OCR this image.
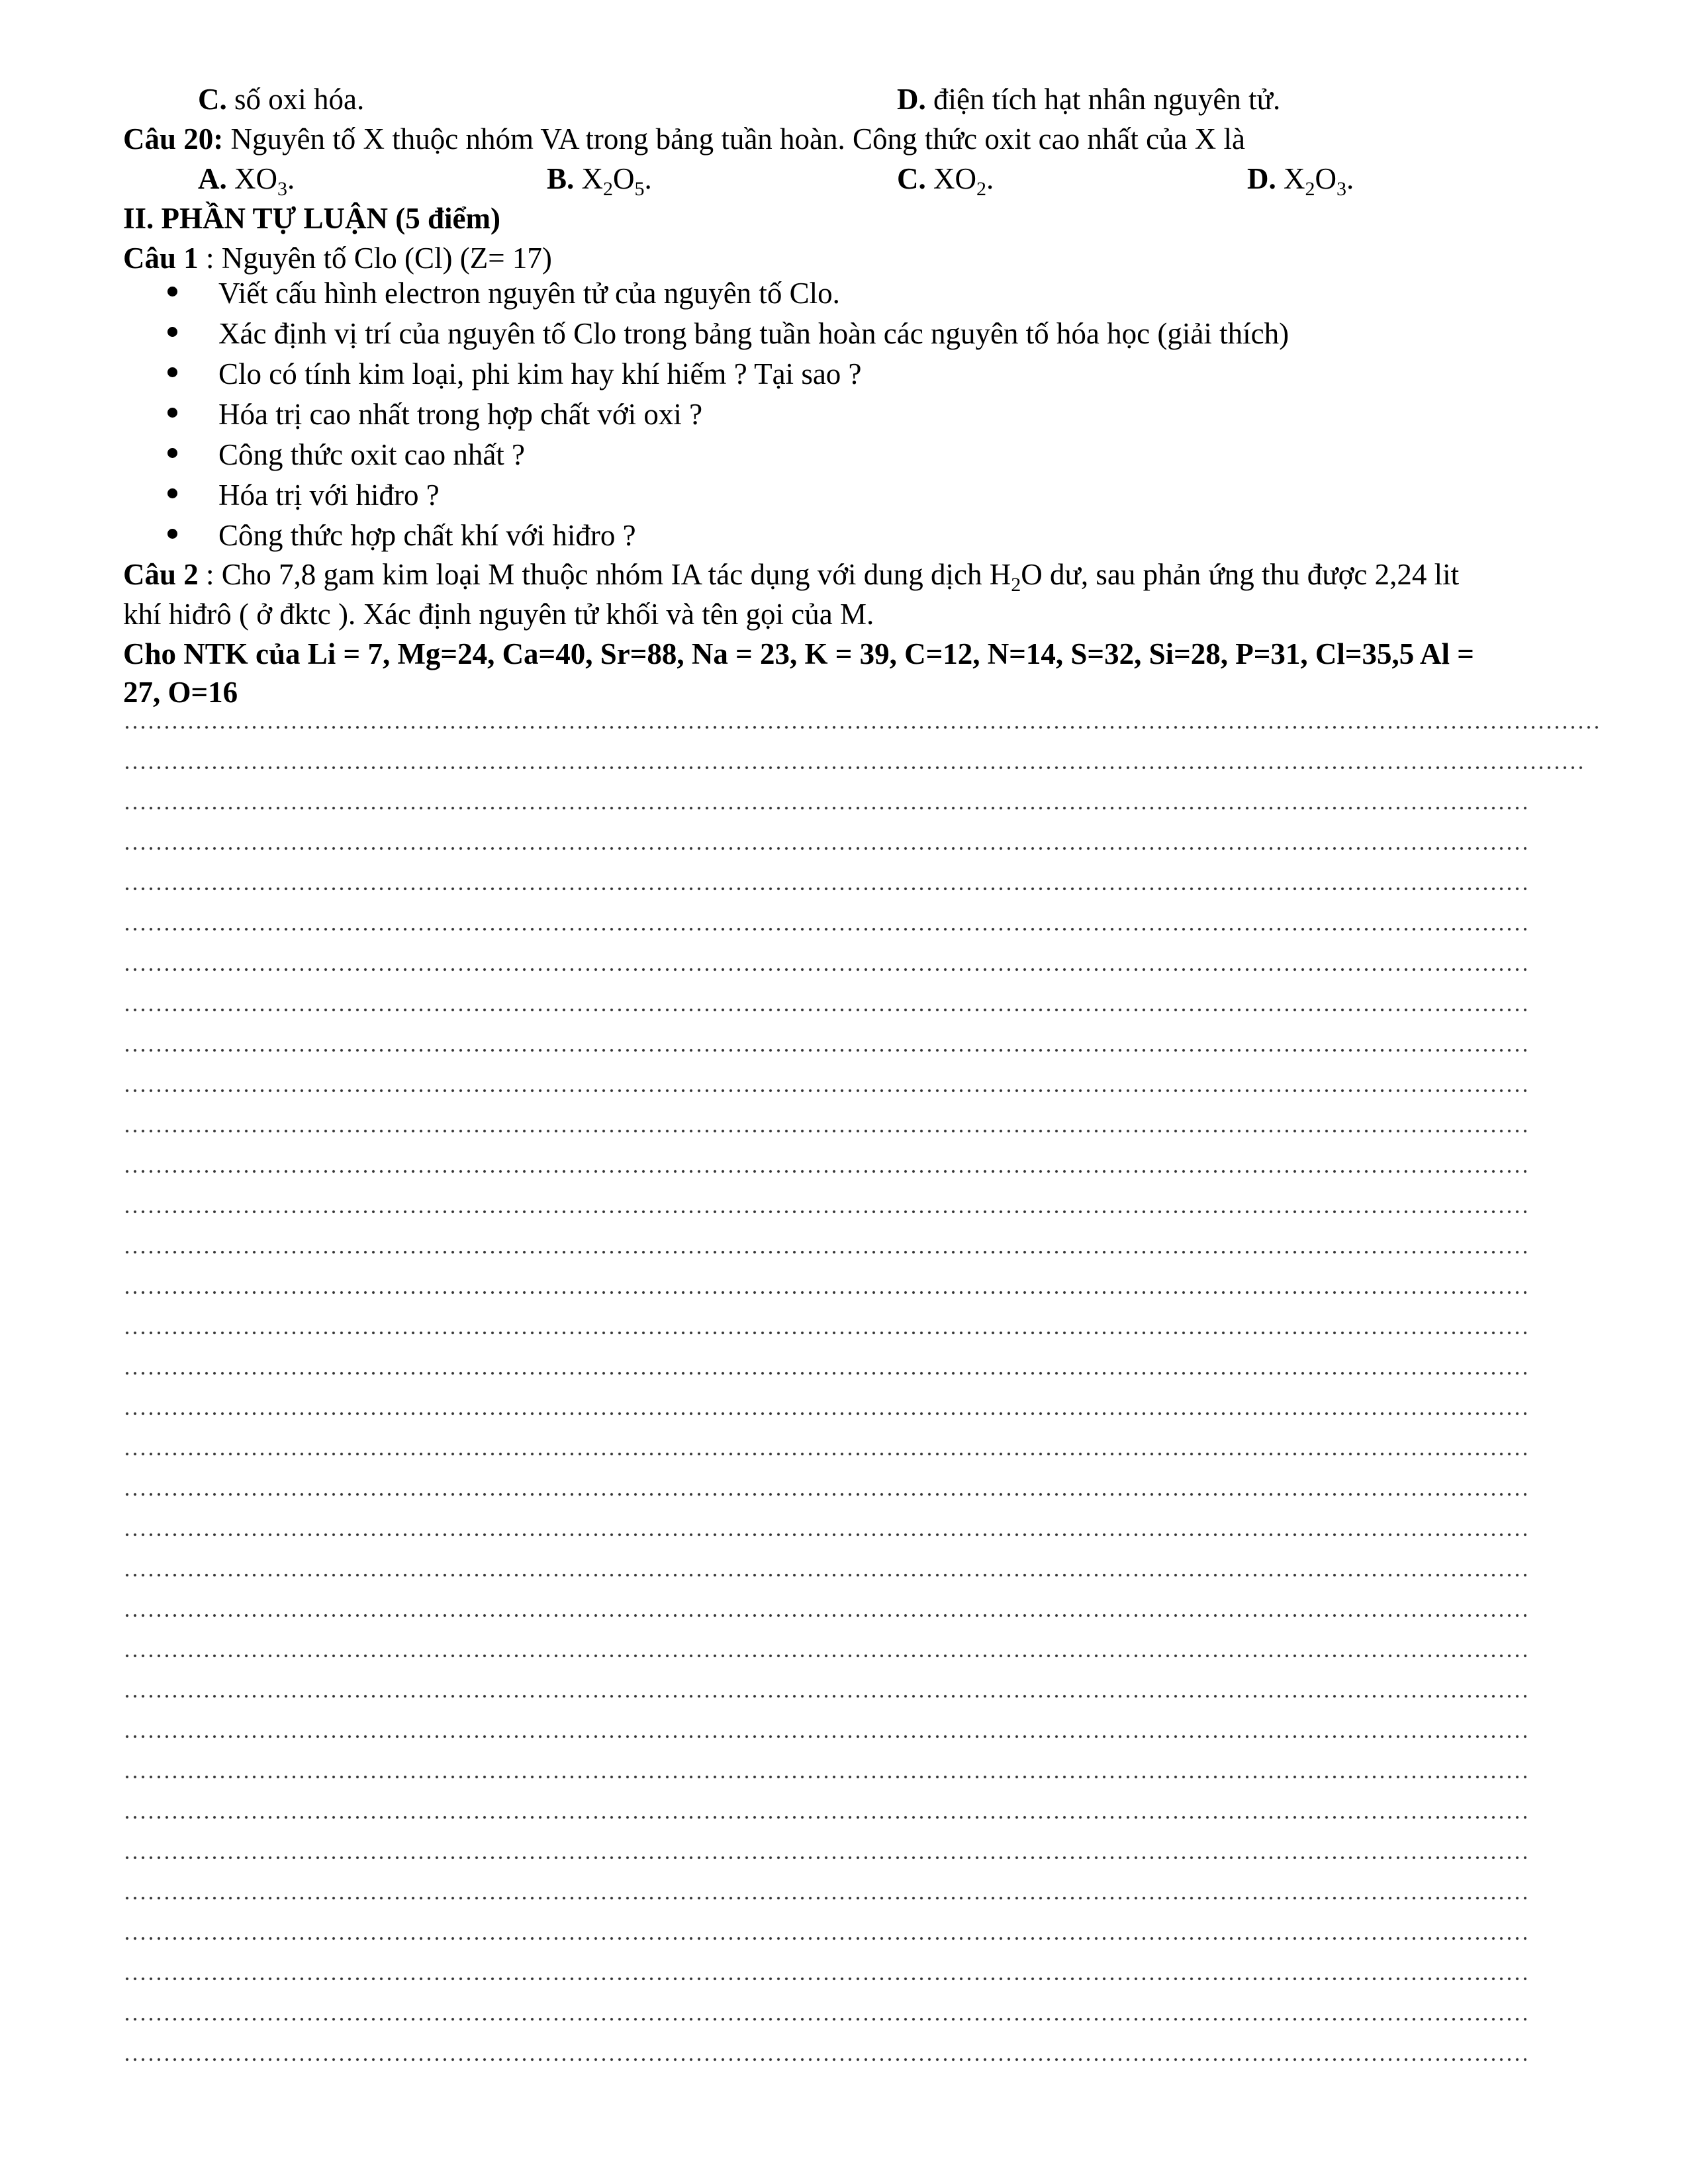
C. số oxi hóa.	D. điện tích hạt nhân nguyên tử.
Câu 20: Nguyên tố X thuộc nhóm VA trong bảng tuần hoàn. Công thức oxit cao nhất của X là
A. $XO_3$.	B. $X_2O_5$.	C. $XO_2$.	D. $X_2O_3$.
II. PHẦN TỰ LUẬN (5 điểm)
Câu 1 : Nguyên tố Clo (Cl) (Z= 17)
Viết cấu hình electron nguyên tử của nguyên tố Clo.
Xác định vị trí của nguyên tố Clo trong bảng tuần hoàn các nguyên tố hóa học (giải thích)
Clo có tính kim loại, phi kim hay khí hiếm ? Tại sao ?
Hóa trị cao nhất trong hợp chất với oxi ?
Công thức oxit cao nhất ?
Hóa trị với hiđro ?
Công thức hợp chất khí với hiđro ?
Câu 2 : Cho 7,8 gam kim loại M thuộc nhóm IA tác dụng với dung dịch $H_2O$ dư, sau phản ứng thu được 2,24 lit
khí hiđrô ( ở đktc ). Xác định nguyên tử khối và tên gọi của M.
Cho NTK của Li = 7, Mg=24, Ca=40, Sr=88, Na = 23, K = 39, C=12, N=14, S=32, Si=28, P=31, Cl=35,5 Al =
27, O=16
